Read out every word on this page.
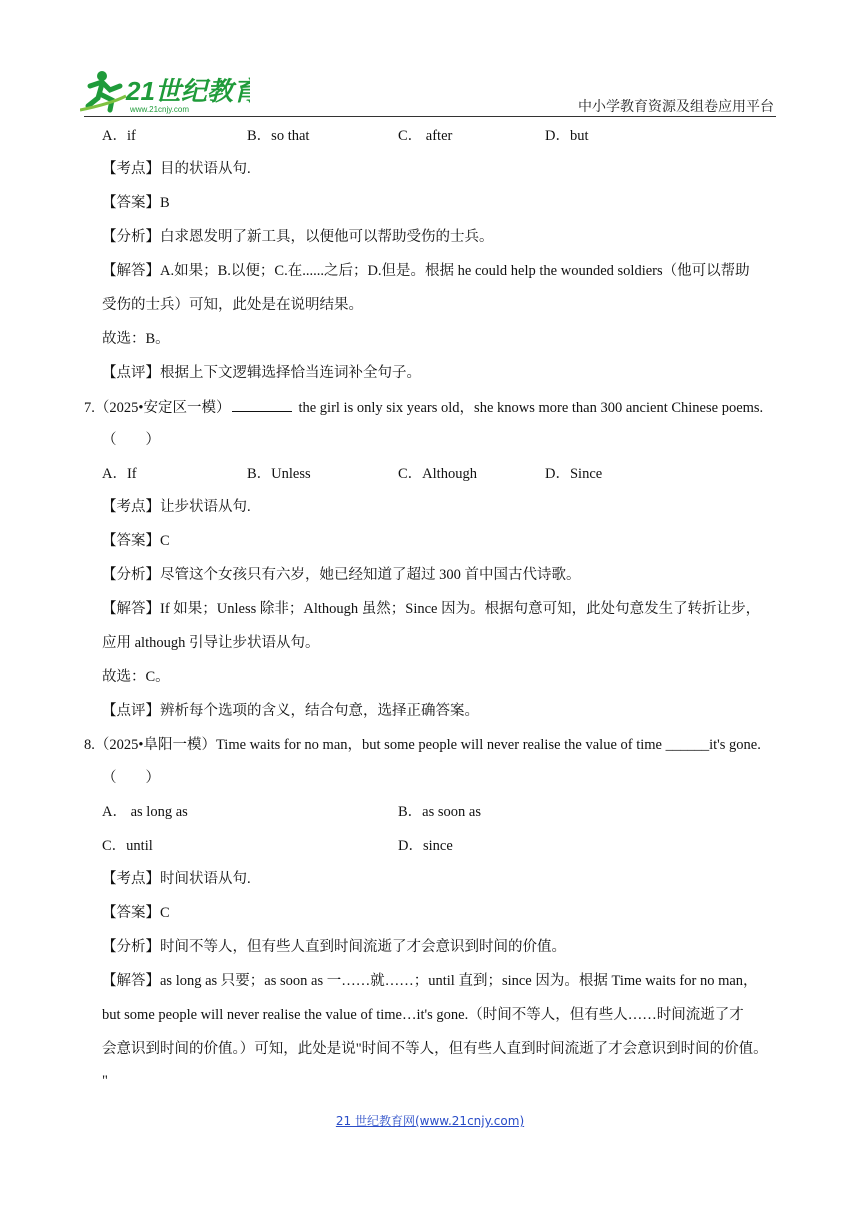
21世纪教育
www.21cnjy.com	中小学教育资源及组卷应用平台
A．if	B．so that	C． after	D．but
【考点】目的状语从句.
【答案】B
【分析】白求恩发明了新工具，以便他可以帮助受伤的士兵。
【解答】A.如果；B.以便；C.在......之后；D.但是。根据 he could help the wounded soldiers（他可以帮助
受伤的士兵）可知，此处是在说明结果。
故选：B。
【点评】根据上下文逻辑选择恰当连词补全句子。
7.（2025•安定区一模）	the girl is only six years old，she knows more than 300 ancient Chinese poems.
（　　）
A．If	B．Unless	C．Although	D．Since
【考点】让步状语从句.
【答案】C
【分析】尽管这个女孩只有六岁，她已经知道了超过 300 首中国古代诗歌。
【解答】If 如果；Unless 除非；Although 虽然；Since 因为。根据句意可知，此处句意发生了转折让步，
应用 although 引导让步状语从句。
故选：C。
【点评】辨析每个选项的含义，结合句意，选择正确答案。
8.（2025•阜阳一模）Time waits for no man，but some people will never realise the value of time ______it's gone.
（　　）
A． as long as	B．as soon as
C．until	D．since
【考点】时间状语从句.
【答案】C
【分析】时间不等人，但有些人直到时间流逝了才会意识到时间的价值。
【解答】as long as 只要；as soon as 一……就……；until 直到；since 因为。根据 Time waits for no man，
but some people will never realise the value of time…it's gone.（时间不等人，但有些人……时间流逝了才
会意识到时间的价值。）可知，此处是说"时间不等人，但有些人直到时间流逝了才会意识到时间的价值。
"
21 世纪教育网(www.21cnjy.com)
